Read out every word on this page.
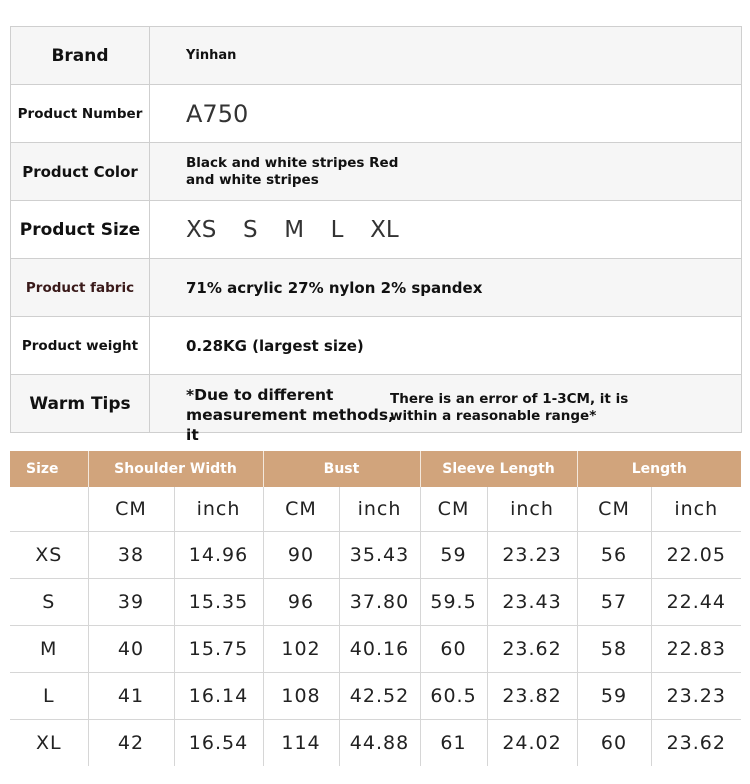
Brand	Yinhan
Product Number	A750
Product Color	Black and white stripes Red and white stripes
Product Size	XS  S  M  L  XL
Product fabric	71% acrylic 27% nylon 2% spandex
Product weight	0.28KG (largest size)
Warm Tips	*Due to different measurement methods, it
There is an error of 1-3CM, it is within a reasonable range*
Size	Shoulder Width		Bust		Sleeve Length		Length	
	CM	inch	CM	inch	CM	inch	CM	inch
XS	38	14.96	90	35.43	59	23.23	56	22.05
S	39	15.35	96	37.80	59.5	23.43	57	22.44
M	40	15.75	102	40.16	60	23.62	58	22.83
L	41	16.14	108	42.52	60.5	23.82	59	23.23
XL	42	16.54	114	44.88	61	24.02	60	23.62
